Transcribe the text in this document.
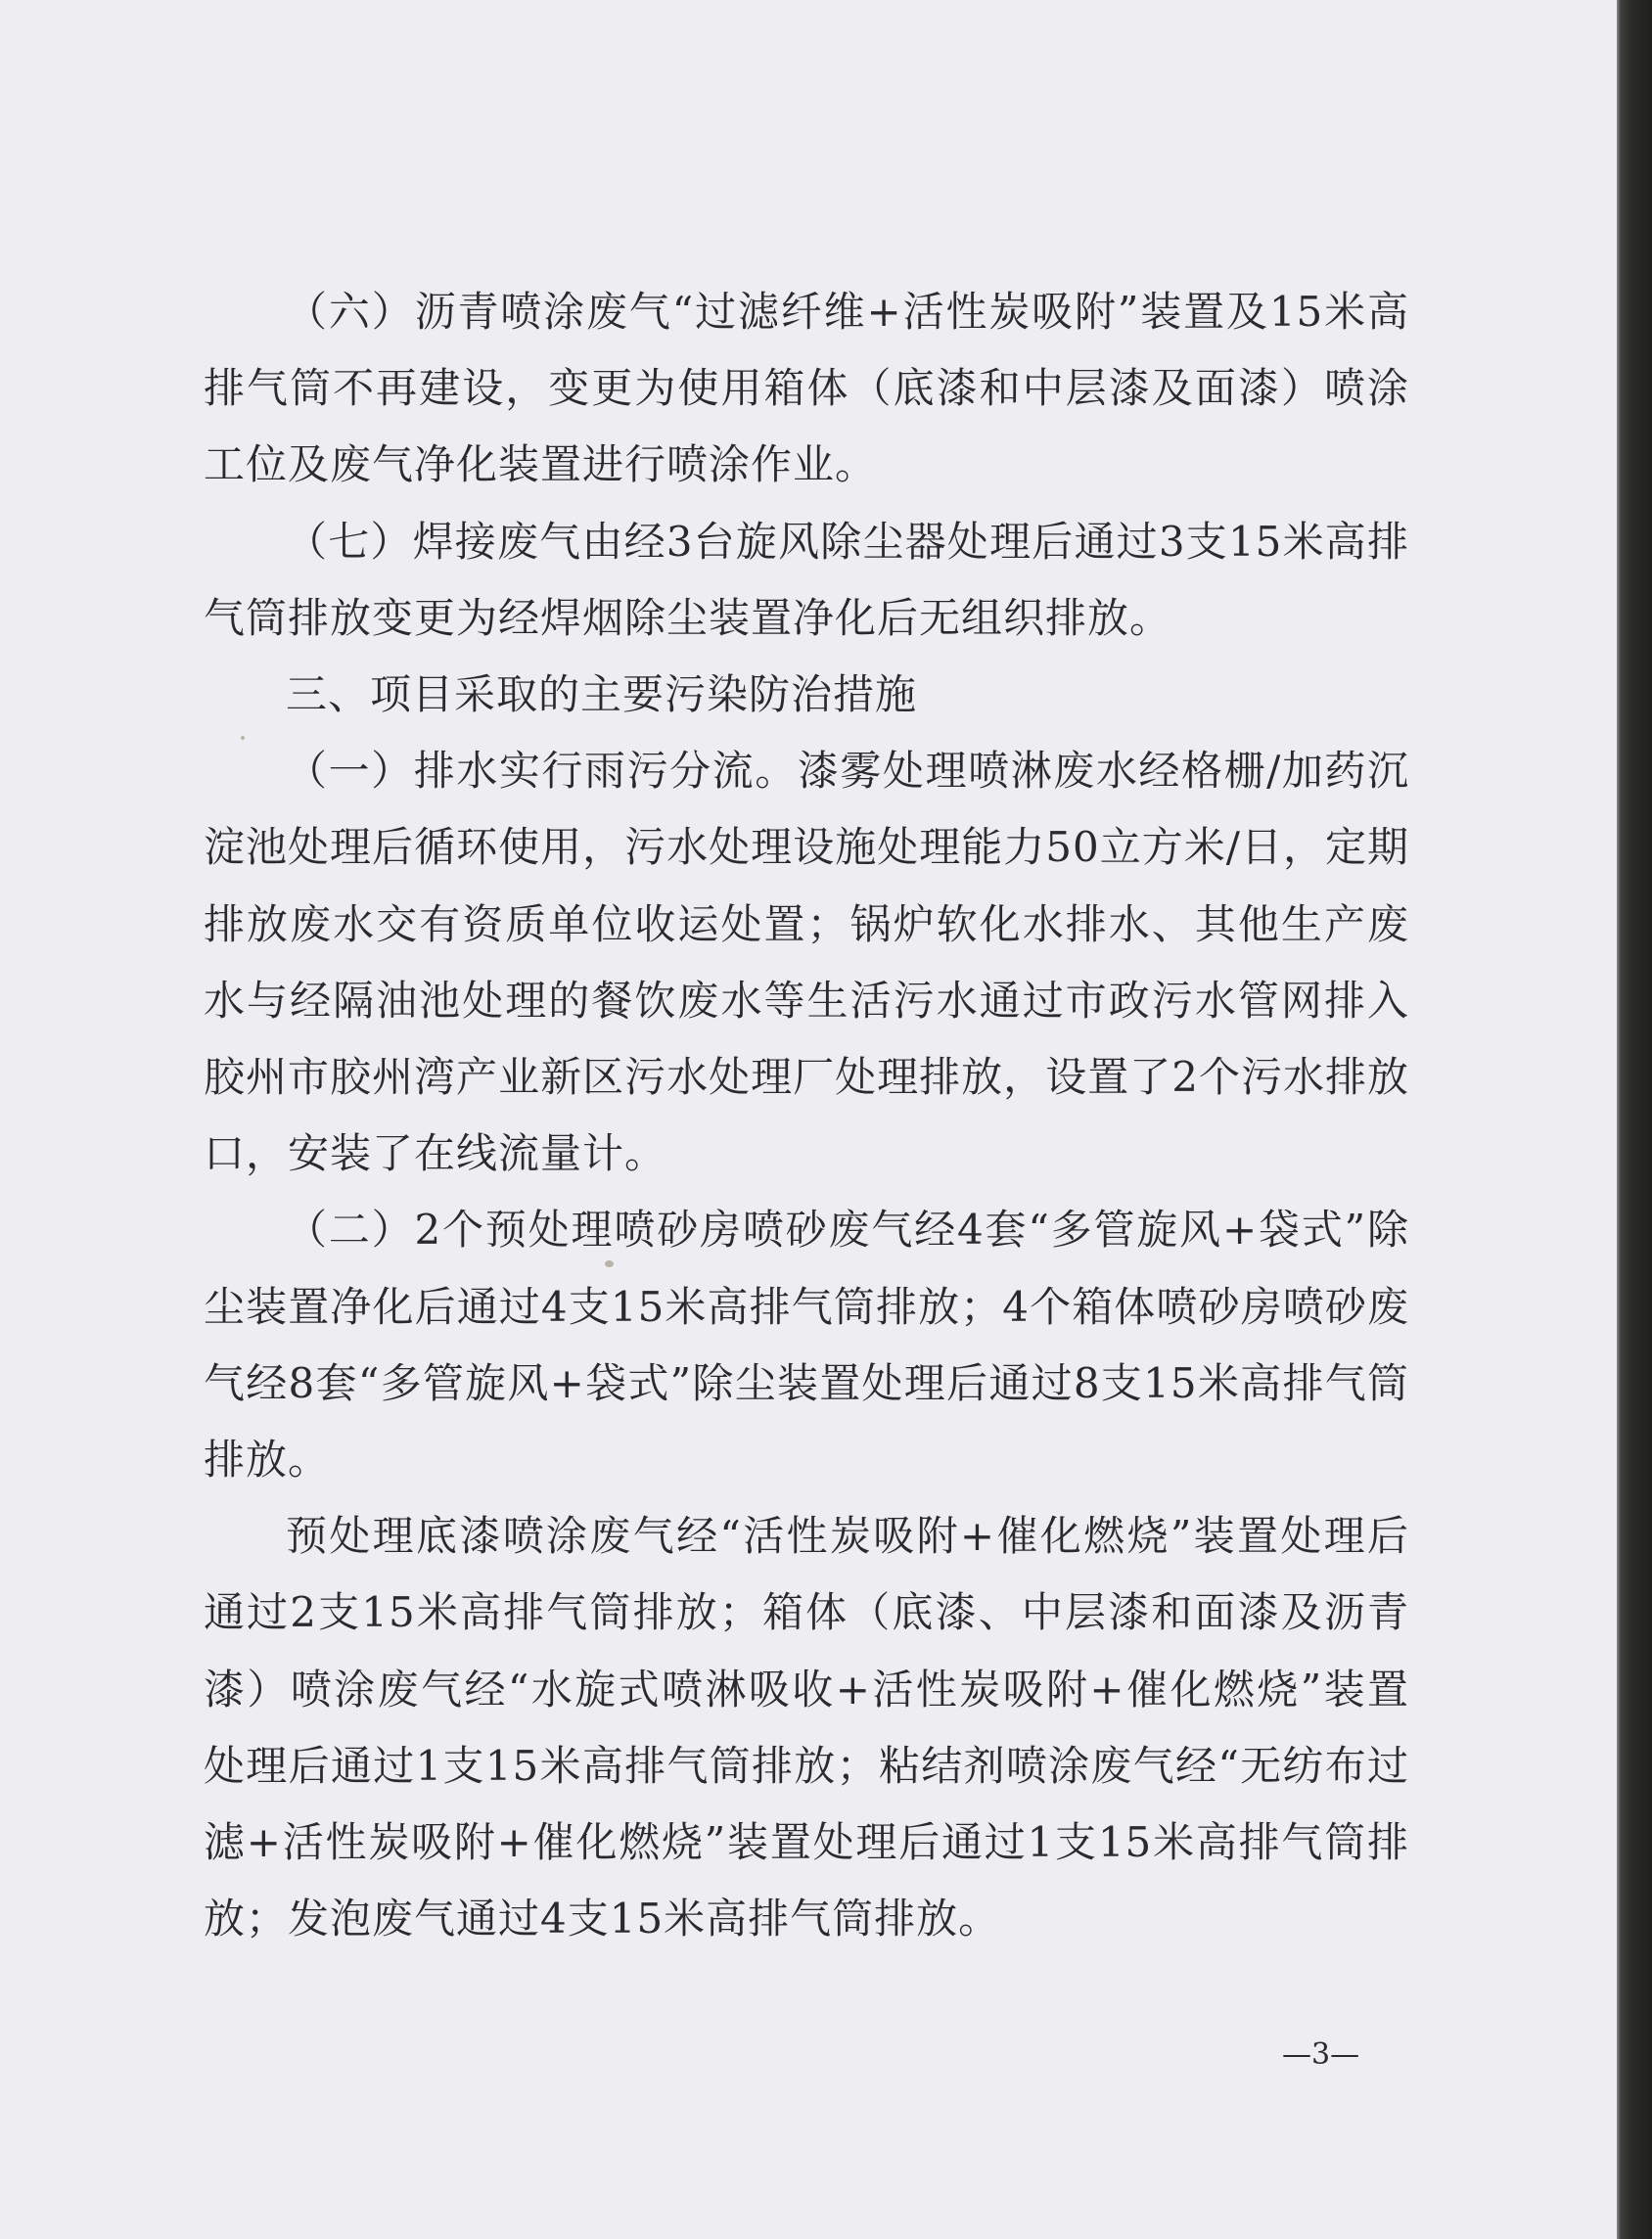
（六）沥青喷涂废气“过滤纤维+活性炭吸附”装置及15米高排气筒不再建设，变更为使用箱体（底漆和中层漆及面漆）喷涂工位及废气净化装置进行喷涂作业。

（七）焊接废气由经3台旋风除尘器处理后通过3支15米高排气筒排放变更为经焊烟除尘装置净化后无组织排放。

三、项目采取的主要污染防治措施

（一）排水实行雨污分流。漆雾处理喷淋废水经格栅/加药沉淀池处理后循环使用，污水处理设施处理能力50立方米/日，定期排放废水交有资质单位收运处置；锅炉软化水排水、其他生产废水与经隔油池处理的餐饮废水等生活污水通过市政污水管网排入胶州市胶州湾产业新区污水处理厂处理排放，设置了2个污水排放口，安装了在线流量计。

（二）2个预处理喷砂房喷砂废气经4套“多管旋风+袋式”除尘装置净化后通过4支15米高排气筒排放；4个箱体喷砂房喷砂废气经8套“多管旋风+袋式”除尘装置处理后通过8支15米高排气筒排放。

预处理底漆喷涂废气经“活性炭吸附+催化燃烧”装置处理后通过2支15米高排气筒排放；箱体（底漆、中层漆和面漆及沥青漆）喷涂废气经“水旋式喷淋吸收+活性炭吸附+催化燃烧”装置处理后通过1支15米高排气筒排放；粘结剂喷涂废气经“无纺布过滤+活性炭吸附+催化燃烧”装置处理后通过1支15米高排气筒排放；发泡废气通过4支15米高排气筒排放。

—3—
